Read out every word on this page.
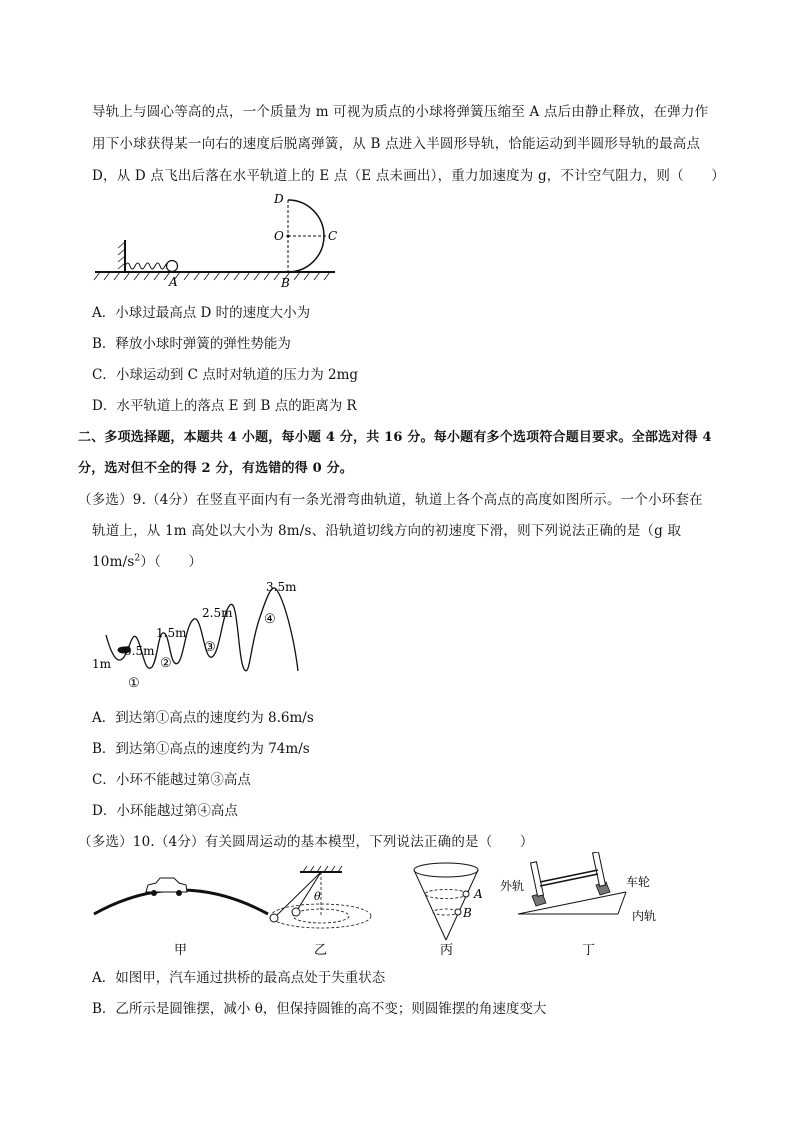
导轨上与圆心等高的点，一个质量为 m 可视为质点的小球将弹簧压缩至 A 点后由静止释放，在弹力作
用下小球获得某一向右的速度后脱离弹簧，从 B 点进入半圆形导轨，恰能运动到半圆形导轨的最高点
D，从 D 点飞出后落在水平轨道上的 E 点（E 点未画出），重力加速度为 g，不计空气阻力，则（　　）
D
O	C
A	B
A．小球过最高点 D 时的速度大小为
B．释放小球时弹簧的弹性势能为
C．小球运动到 C 点时对轨道的压力为 2mg
D．水平轨道上的落点 E 到 B 点的距离为 R
二、多项选择题，本题共 4 小题，每小题 4 分，共 16 分。每小题有多个选项符合题目要求。全部选对得 4
分，选对但不全的得 2 分，有选错的得 0 分。
（多选）9.（4分）在竖直平面内有一条光滑弯曲轨道，轨道上各个高点的高度如图所示。一个小环套在
轨道上，从 1m 高处以大小为 8m/s、沿轨道切线方向的初速度下滑，则下列说法正确的是（g 取
$10m/s^2$）（　　）
1m
0.5m
1.5m
2.5m
3.5m
①
②
③
④
A．到达第①高点的速度约为 8.6m/s
B．到达第①高点的速度约为 74m/s
C．小环不能越过第③高点
D．小环能越过第④高点
（多选）10.（4分）有关圆周运动的基本模型，下列说法正确的是（　　）
甲
θ
乙
A
B
丙
外轨	车轮
内轨
丁
A．如图甲，汽车通过拱桥的最高点处于失重状态
B．乙所示是圆锥摆，减小 θ，但保持圆锥的高不变；则圆锥摆的角速度变大
